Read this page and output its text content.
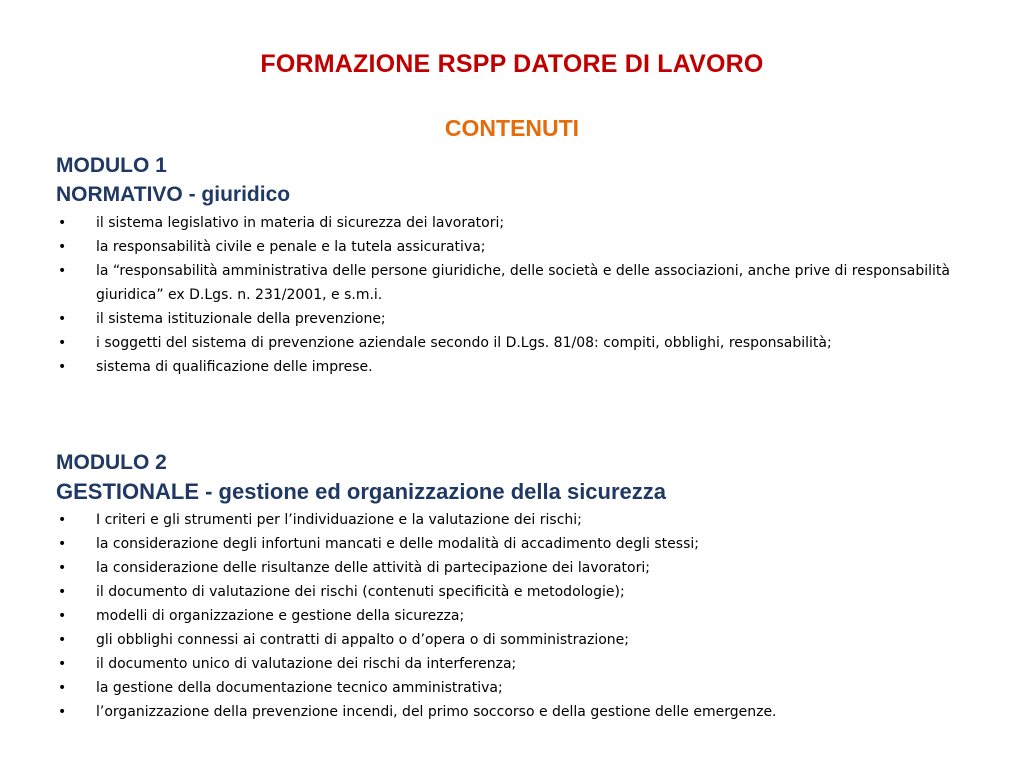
FORMAZIONE RSPP DATORE DI LAVORO
CONTENUTI
MODULO 1
NORMATIVO - giuridico
• il sistema legislativo in materia di sicurezza dei lavoratori;
• la responsabilità civile e penale e la tutela assicurativa;
• la “responsabilità amministrativa delle persone giuridiche, delle società e delle associazioni, anche prive di responsabilità giuridica” ex D.Lgs. n. 231/2001, e s.m.i.
• il sistema istituzionale della prevenzione;
• i soggetti del sistema di prevenzione aziendale secondo il D.Lgs. 81/08: compiti, obblighi, responsabilità;
• sistema di qualificazione delle imprese.
MODULO 2
GESTIONALE - gestione ed organizzazione della sicurezza
• I criteri e gli strumenti per l’individuazione e la valutazione dei rischi;
• la considerazione degli infortuni mancati e delle modalità di accadimento degli stessi;
• la considerazione delle risultanze delle attività di partecipazione dei lavoratori;
• il documento di valutazione dei rischi (contenuti specificità e metodologie);
• modelli di organizzazione e gestione della sicurezza;
• gli obblighi connessi ai contratti di appalto o d’opera o di somministrazione;
• il documento unico di valutazione dei rischi da interferenza;
• la gestione della documentazione tecnico amministrativa;
• l’organizzazione della prevenzione incendi, del primo soccorso e della gestione delle emergenze.
